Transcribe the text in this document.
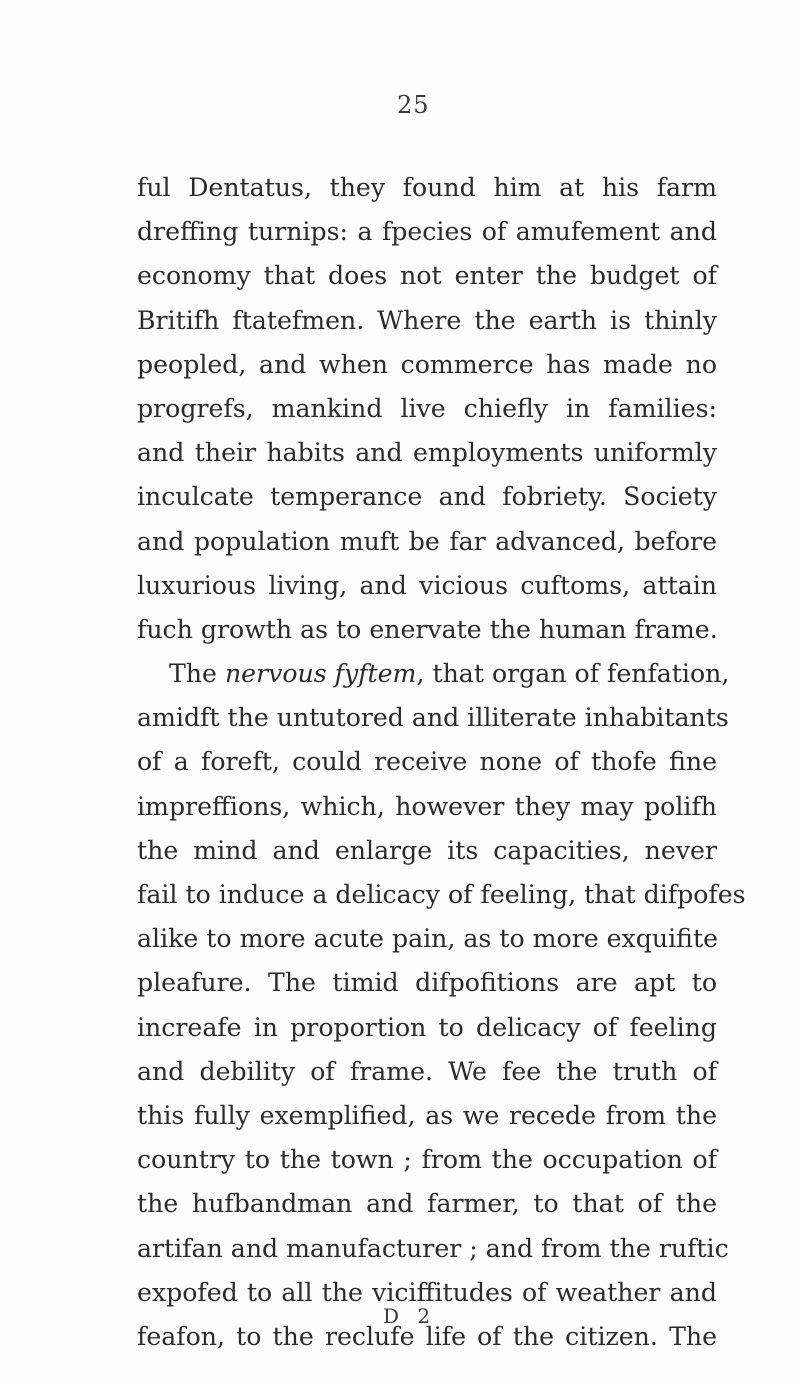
25
ful Dentatus, they found him at his farm
dreffing turnips: a fpecies of amufement and
economy that does not enter the budget of
Britifh ftatefmen. Where the earth is thinly
peopled, and when commerce has made no
progrefs, mankind live chiefly in families:
and their habits and employments uniformly
inculcate temperance and fobriety. Society
and population muft be far advanced, before
luxurious living, and vicious cuftoms, attain
fuch growth as to enervate the human frame.
The nervous fyftem, that organ of fenfation,
amidft the untutored and illiterate inhabitants
of a foreft, could receive none of thofe fine
impreffions, which, however they may polifh
the mind and enlarge its capacities, never
fail to induce a delicacy of feeling, that difpofes
alike to more acute pain, as to more exquifite
pleafure. The timid difpofitions are apt to
increafe in proportion to delicacy of feeling
and debility of frame. We fee the truth of
this fully exemplified, as we recede from the
country to the town ; from the occupation of
the hufbandman and farmer, to that of the
artifan and manufacturer ; and from the ruftic
expofed to all the viciffitudes of weather and
feafon, to the reclufe life of the citizen. The
D 2
